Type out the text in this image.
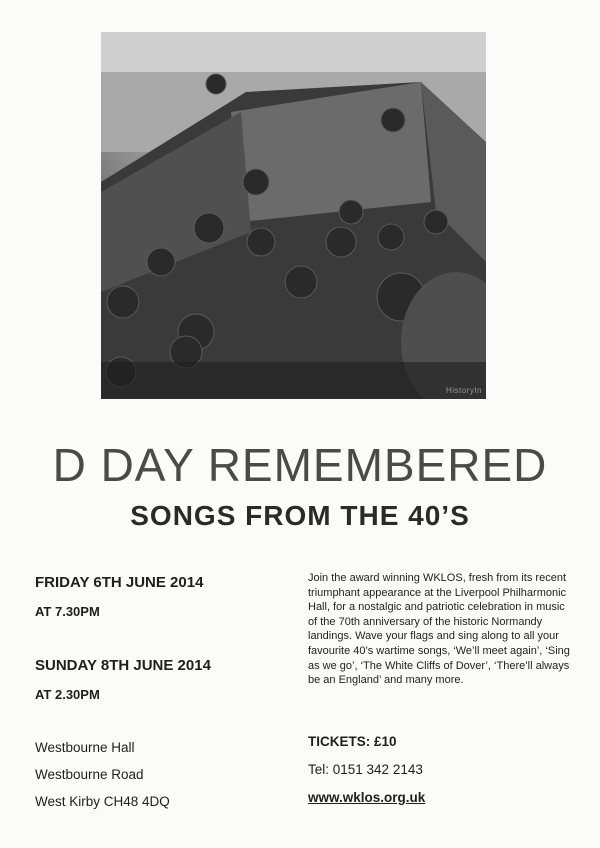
HistoryIn
D DAY REMEMBERED
SONGS FROM THE 40’S
FRIDAY 6TH JUNE 2014
AT 7.30PM
SUNDAY 8TH JUNE 2014
AT 2.30PM
Westbourne Hall
Westbourne Road
West Kirby CH48 4DQ
Join the award winning WKLOS, fresh from its recent triumphant appearance at the Liverpool Philharmonic Hall, for a nostalgic and patriotic celebration in music of the 70th anniversary of the historic Normandy landings. Wave your flags and sing along to all your favourite 40’s wartime songs, ‘We’ll meet again’, ‘Sing as we go’, ‘The White Cliffs of Dover’, ‘There’ll always be an England’ and many more.
TICKETS: £10
Tel: 0151 342 2143
www.wklos.org.uk
